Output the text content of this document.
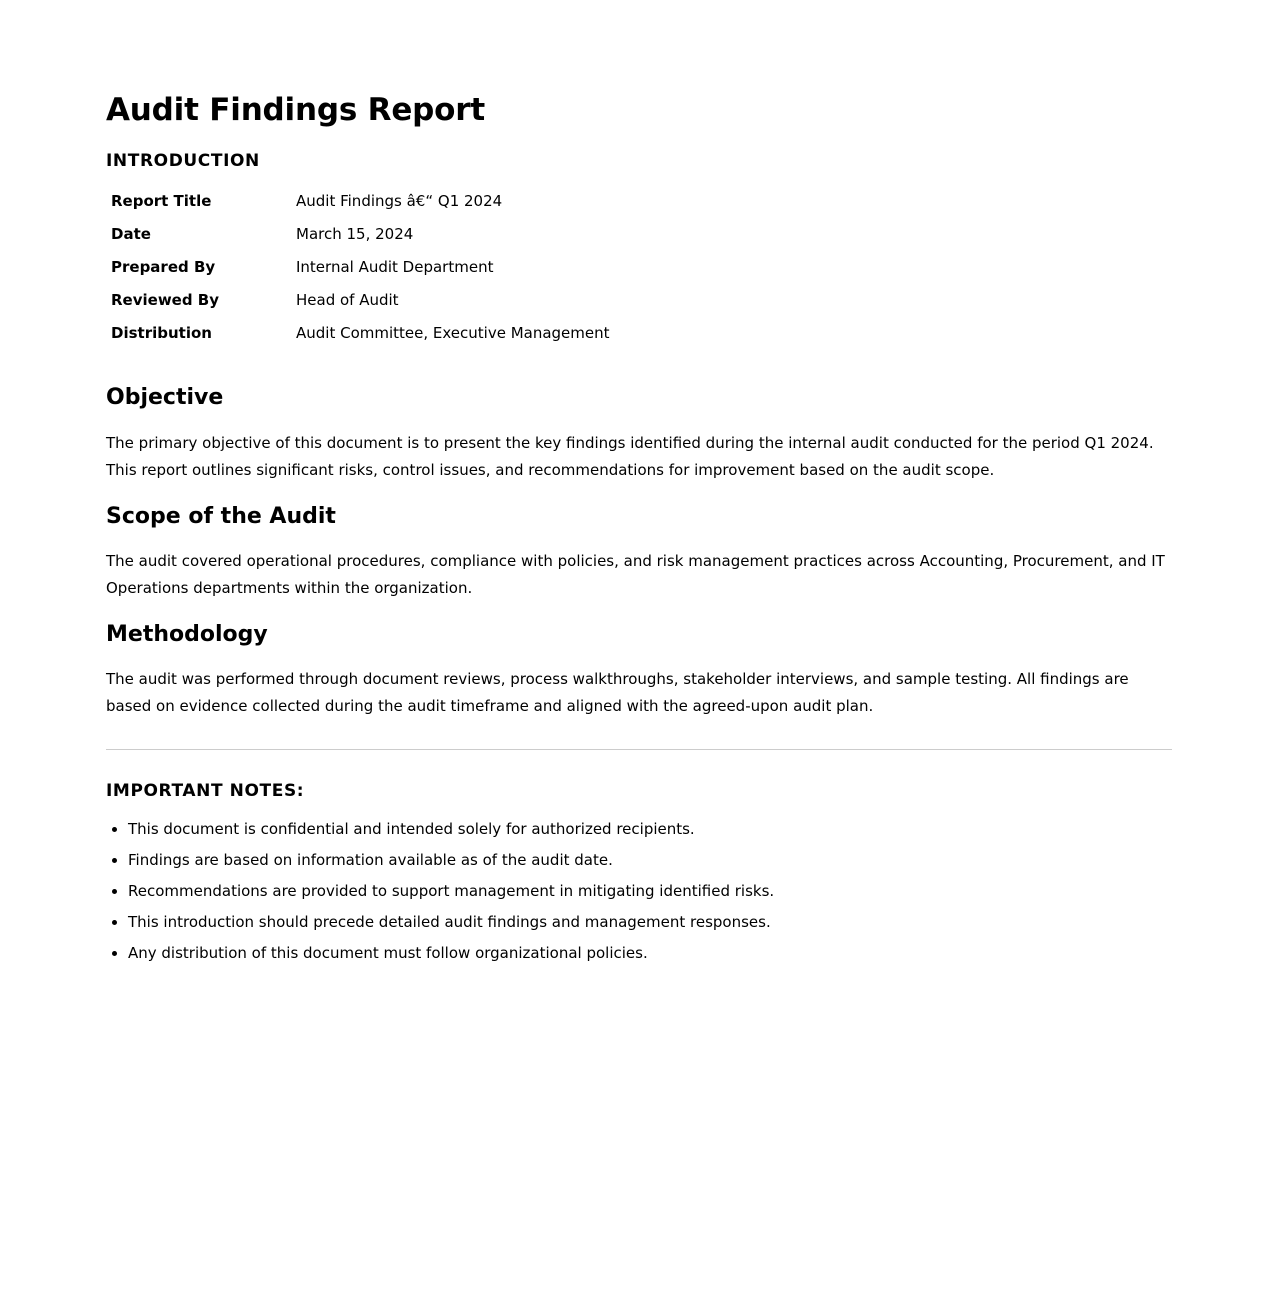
Audit Findings Report
INTRODUCTION
Report Title	Audit Findings â€“ Q1 2024
Date	March 15, 2024
Prepared By	Internal Audit Department
Reviewed By	Head of Audit
Distribution	Audit Committee, Executive Management
Objective

The primary objective of this document is to present the key findings identified during the internal audit conducted for the period Q1 2024. This report outlines significant risks, control issues, and recommendations for improvement based on the audit scope.

Scope of the Audit

The audit covered operational procedures, compliance with policies, and risk management practices across Accounting, Procurement, and IT Operations departments within the organization.

Methodology

The audit was performed through document reviews, process walkthroughs, stakeholder interviews, and sample testing. All findings are based on evidence collected during the audit timeframe and aligned with the agreed-upon audit plan.

IMPORTANT NOTES:
• This document is confidential and intended solely for authorized recipients.
• Findings are based on information available as of the audit date.
• Recommendations are provided to support management in mitigating identified risks.
• This introduction should precede detailed audit findings and management responses.
• Any distribution of this document must follow organizational policies.
